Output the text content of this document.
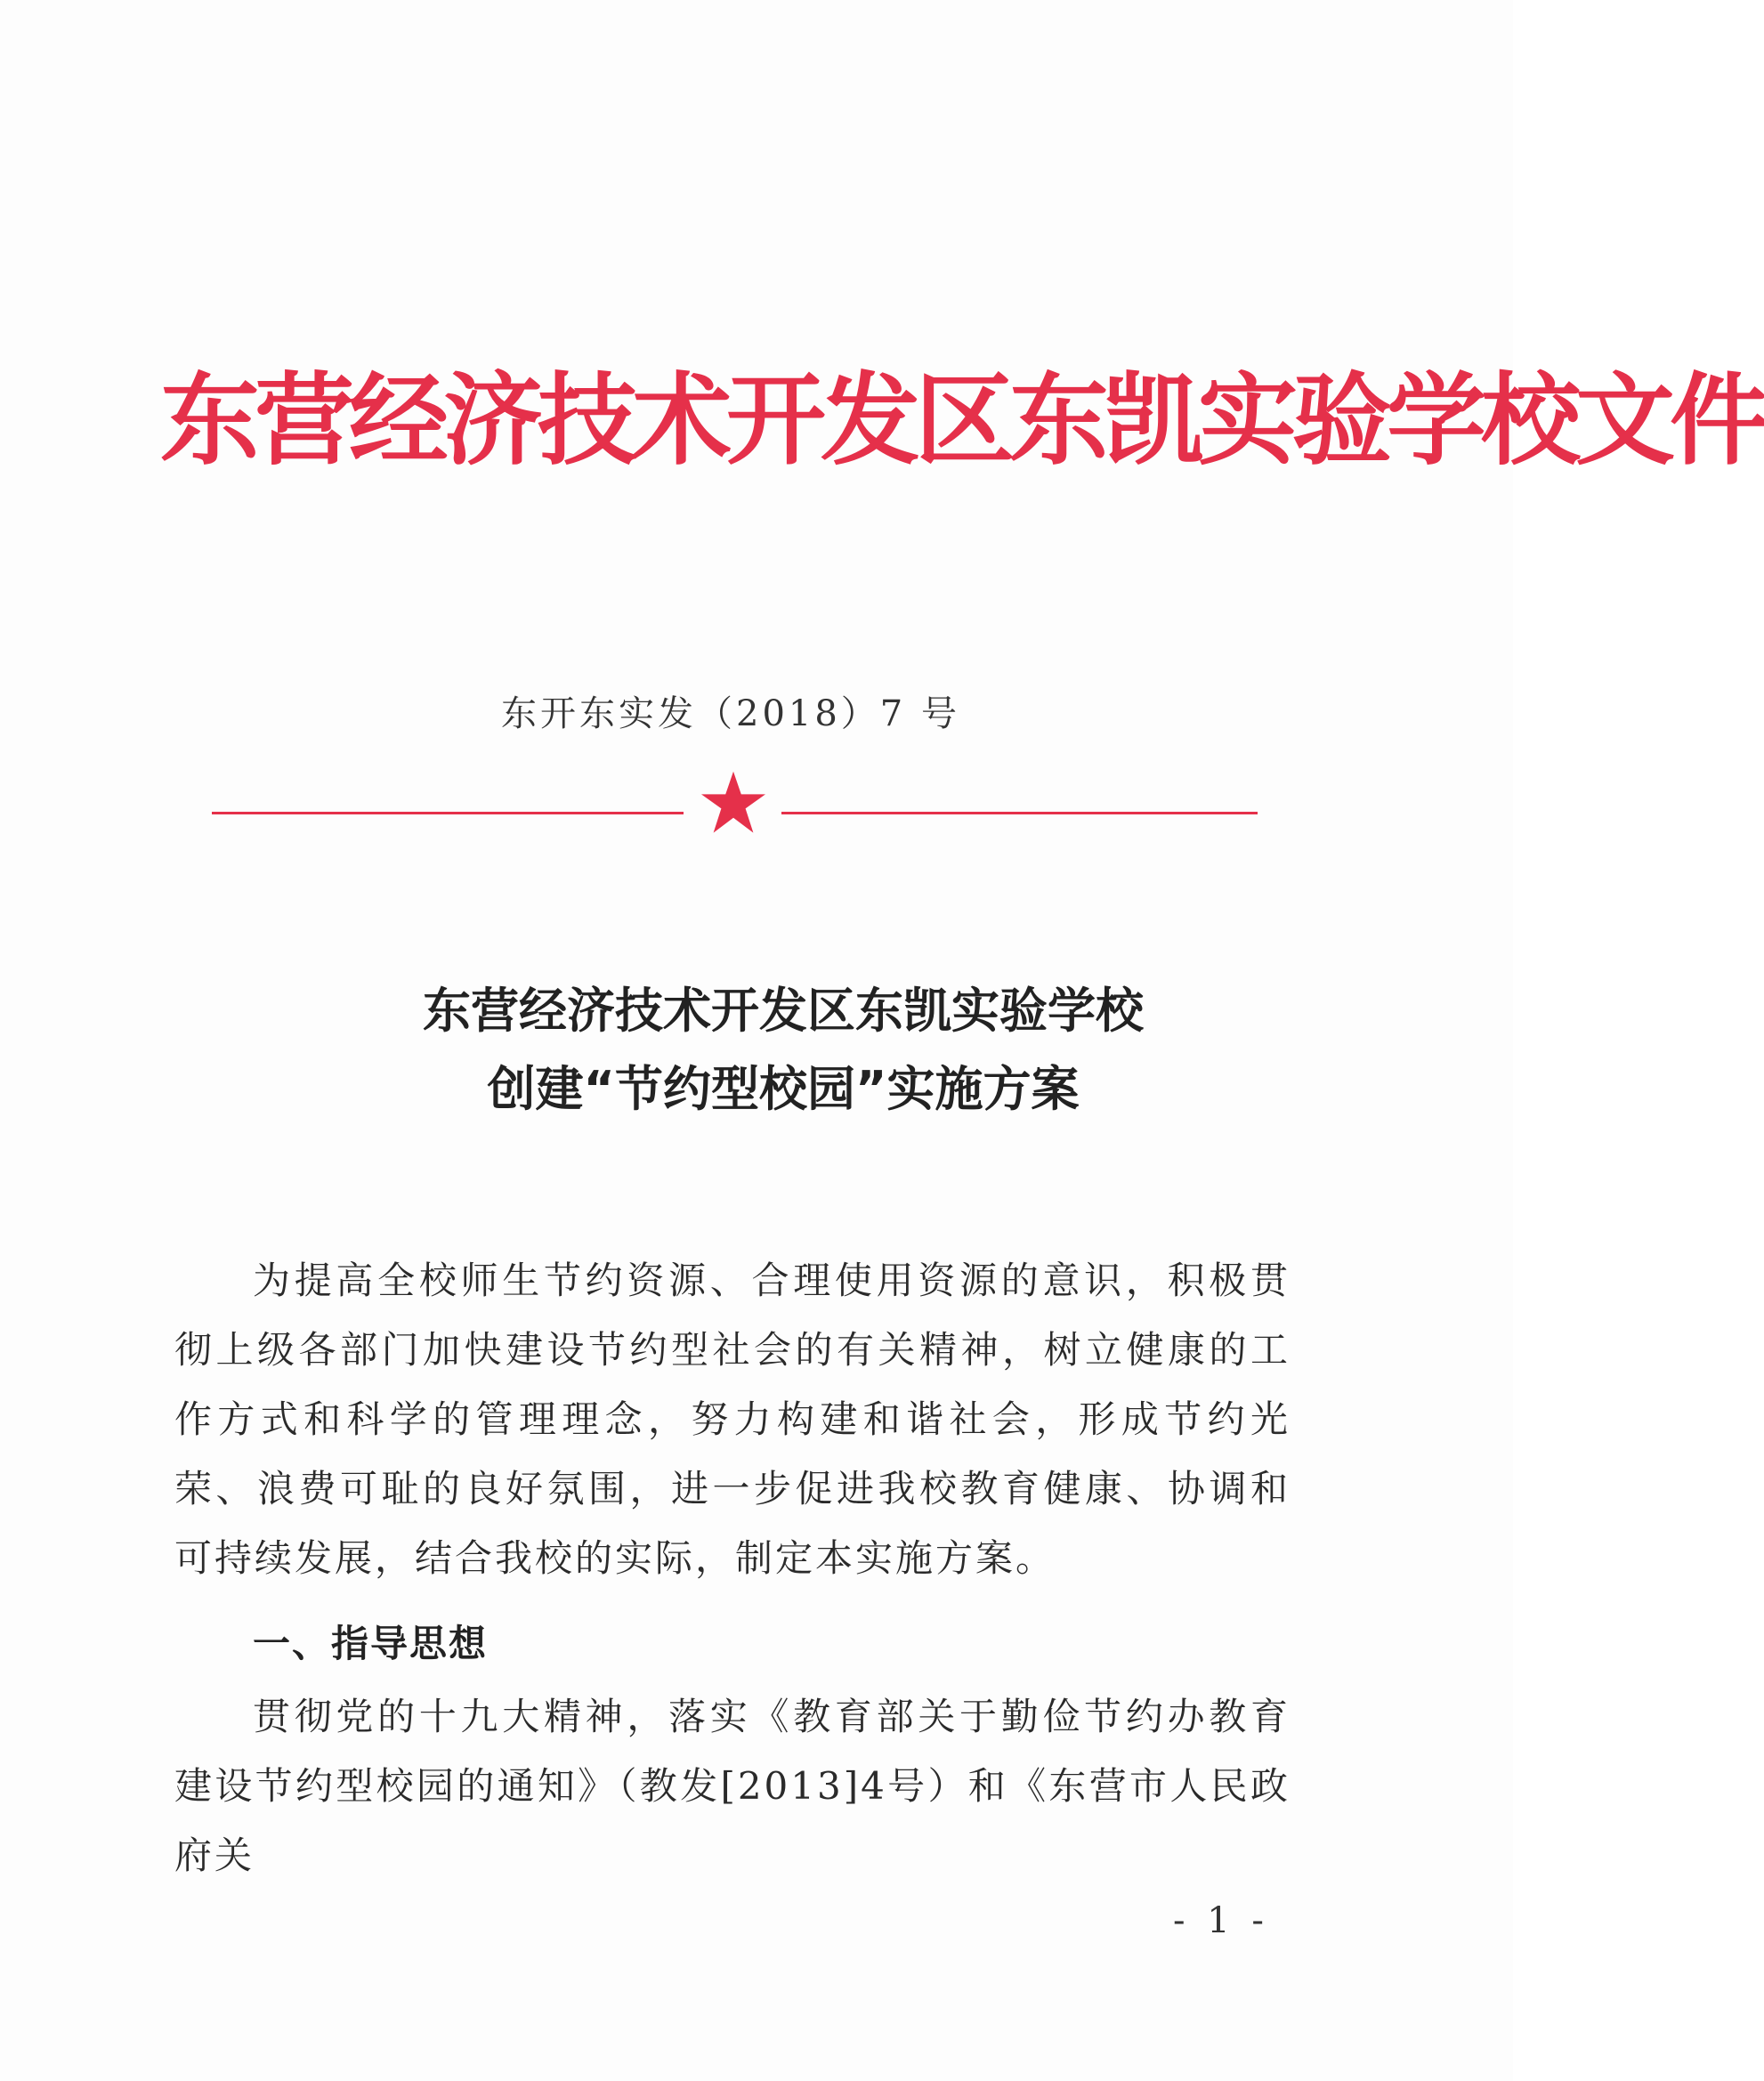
东营经济技术开发区东凯实验学校文件
东开东实发（2018）7 号
东营经济技术开发区东凯实验学校
创建“节约型校园”实施方案
为提高全校师生节约资源、合理使用资源的意识，积极贯彻上级各部门加快建设节约型社会的有关精神，树立健康的工作方式和科学的管理理念，努力构建和谐社会，形成节约光荣、浪费可耻的良好氛围，进一步促进我校教育健康、协调和可持续发展，结合我校的实际，制定本实施方案。
一、指导思想
贯彻党的十九大精神，落实《教育部关于勤俭节约办教育建设节约型校园的通知》（教发[2013]4号）和《东营市人民政府关
- 1 -
